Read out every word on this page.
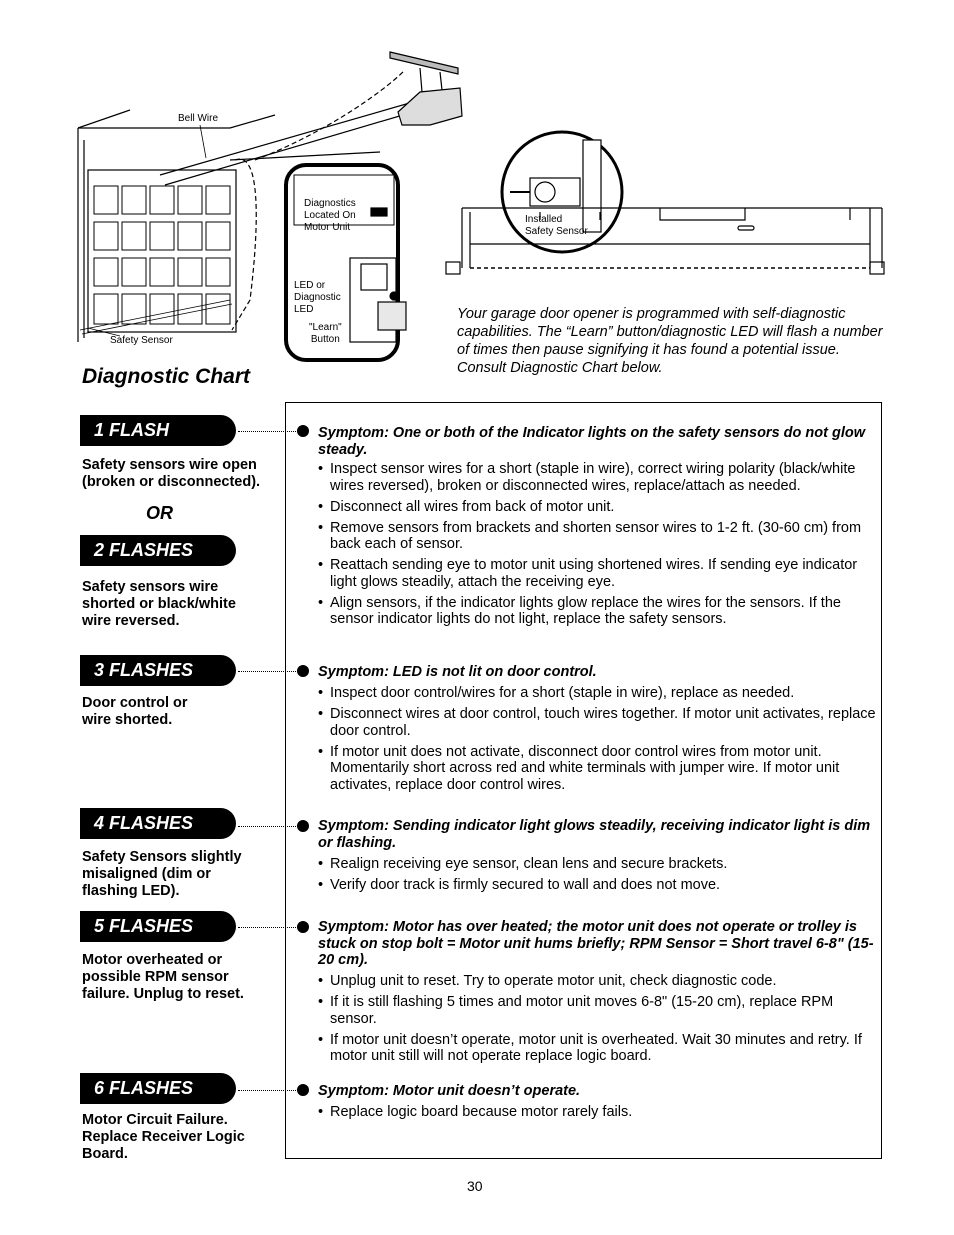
Bell Wire
Safety Sensor
Diagnostics
Located On
Motor Unit
LED or
Diagnostic
LED
"Learn"
Button
Installed
Safety Sensor
Your garage door opener is programmed with self-diagnostic capabilities. The “Learn” button/diagnostic LED will flash a number of times then pause signifying it has found a potential issue. Consult Diagnostic Chart below.
Diagnostic Chart
1 FLASH
Safety sensors wire open (broken or disconnected).
OR
2 FLASHES
Safety sensors wire shorted or black/white wire reversed.
3 FLASHES
Door control or wire shorted.
4 FLASHES
Safety Sensors slightly misaligned (dim or flashing LED).
5 FLASHES
Motor overheated or possible RPM sensor failure. Unplug to reset.
6 FLASHES
Motor Circuit Failure. Replace Receiver Logic Board.
Symptom: One or both of the Indicator lights on the safety sensors do not glow steady.
• Inspect sensor wires for a short (staple in wire), correct wiring polarity (black/white wires reversed), broken or disconnected wires, replace/attach as needed.
• Disconnect all wires from back of motor unit.
• Remove sensors from brackets and shorten sensor wires to 1-2 ft. (30-60 cm) from back each of sensor.
• Reattach sending eye to motor unit using shortened wires. If sending eye indicator light glows steadily, attach the receiving eye.
• Align sensors, if the indicator lights glow replace the wires for the sensors. If the sensor indicator lights do not light, replace the safety sensors.
Symptom: LED is not lit on door control.
• Inspect door control/wires for a short (staple in wire), replace as needed.
• Disconnect wires at door control, touch wires together. If motor unit activates, replace door control.
• If motor unit does not activate, disconnect door control wires from motor unit. Momentarily short across red and white terminals with jumper wire. If motor unit activates, replace door control wires.
Symptom: Sending indicator light glows steadily, receiving indicator light is dim or flashing.
• Realign receiving eye sensor, clean lens and secure brackets.
• Verify door track is firmly secured to wall and does not move.
Symptom: Motor has over heated; the motor unit does not operate or trolley is stuck on stop bolt = Motor unit hums briefly; RPM Sensor = Short travel 6-8" (15-20 cm).
• Unplug unit to reset. Try to operate motor unit, check diagnostic code.
• If it is still flashing 5 times and motor unit moves 6-8" (15-20 cm), replace RPM sensor.
• If motor unit doesn’t operate, motor unit is overheated. Wait 30 minutes and retry. If motor unit still will not operate replace logic board.
Symptom: Motor unit doesn’t operate.
• Replace logic board because motor rarely fails.
30
